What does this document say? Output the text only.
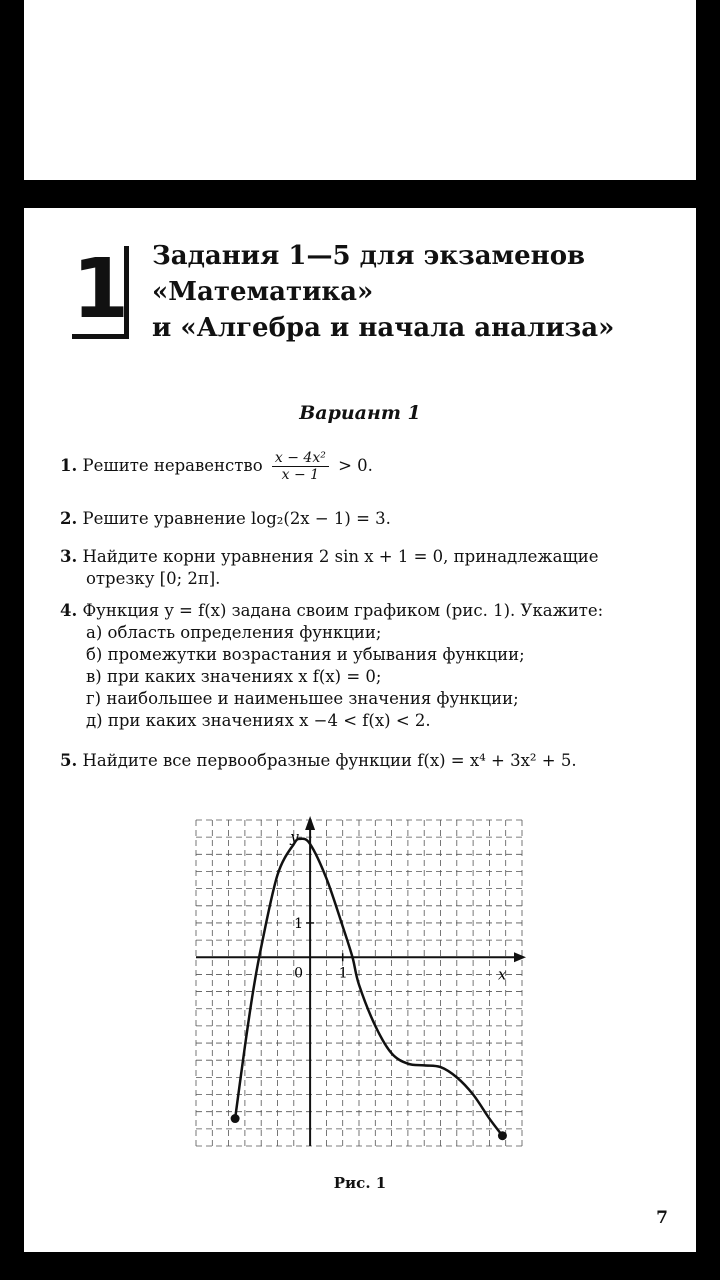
1 Задания 1—5 для экзаменов
«Математика»
и «Алгебра и начала анализа»
Вариант 1
1. Решите неравенство $\frac{\text{x − 4x²}}{x - 1} > 0$.
2. Решите уравнение log₂(2x − 1) = 3.
3. Найдите корни уравнения 2 sin x + 1 = 0, принадлежащие
отрезку [0; 2π].
4. Функция y = f(x) задана своим графиком (рис. 1). Укажите:
а) область определения функции;
б) промежутки возрастания и убывания функции;
в) при каких значениях x f(x) = 0;
г) наибольшее и наименьшее значения функции;
д) при каких значениях x −4 < f(x) < 2.
5. Найдите все первообразные функции f(x) = x⁴ + 3x² + 5.
x
y
0	1
1
Рис. 1
7
